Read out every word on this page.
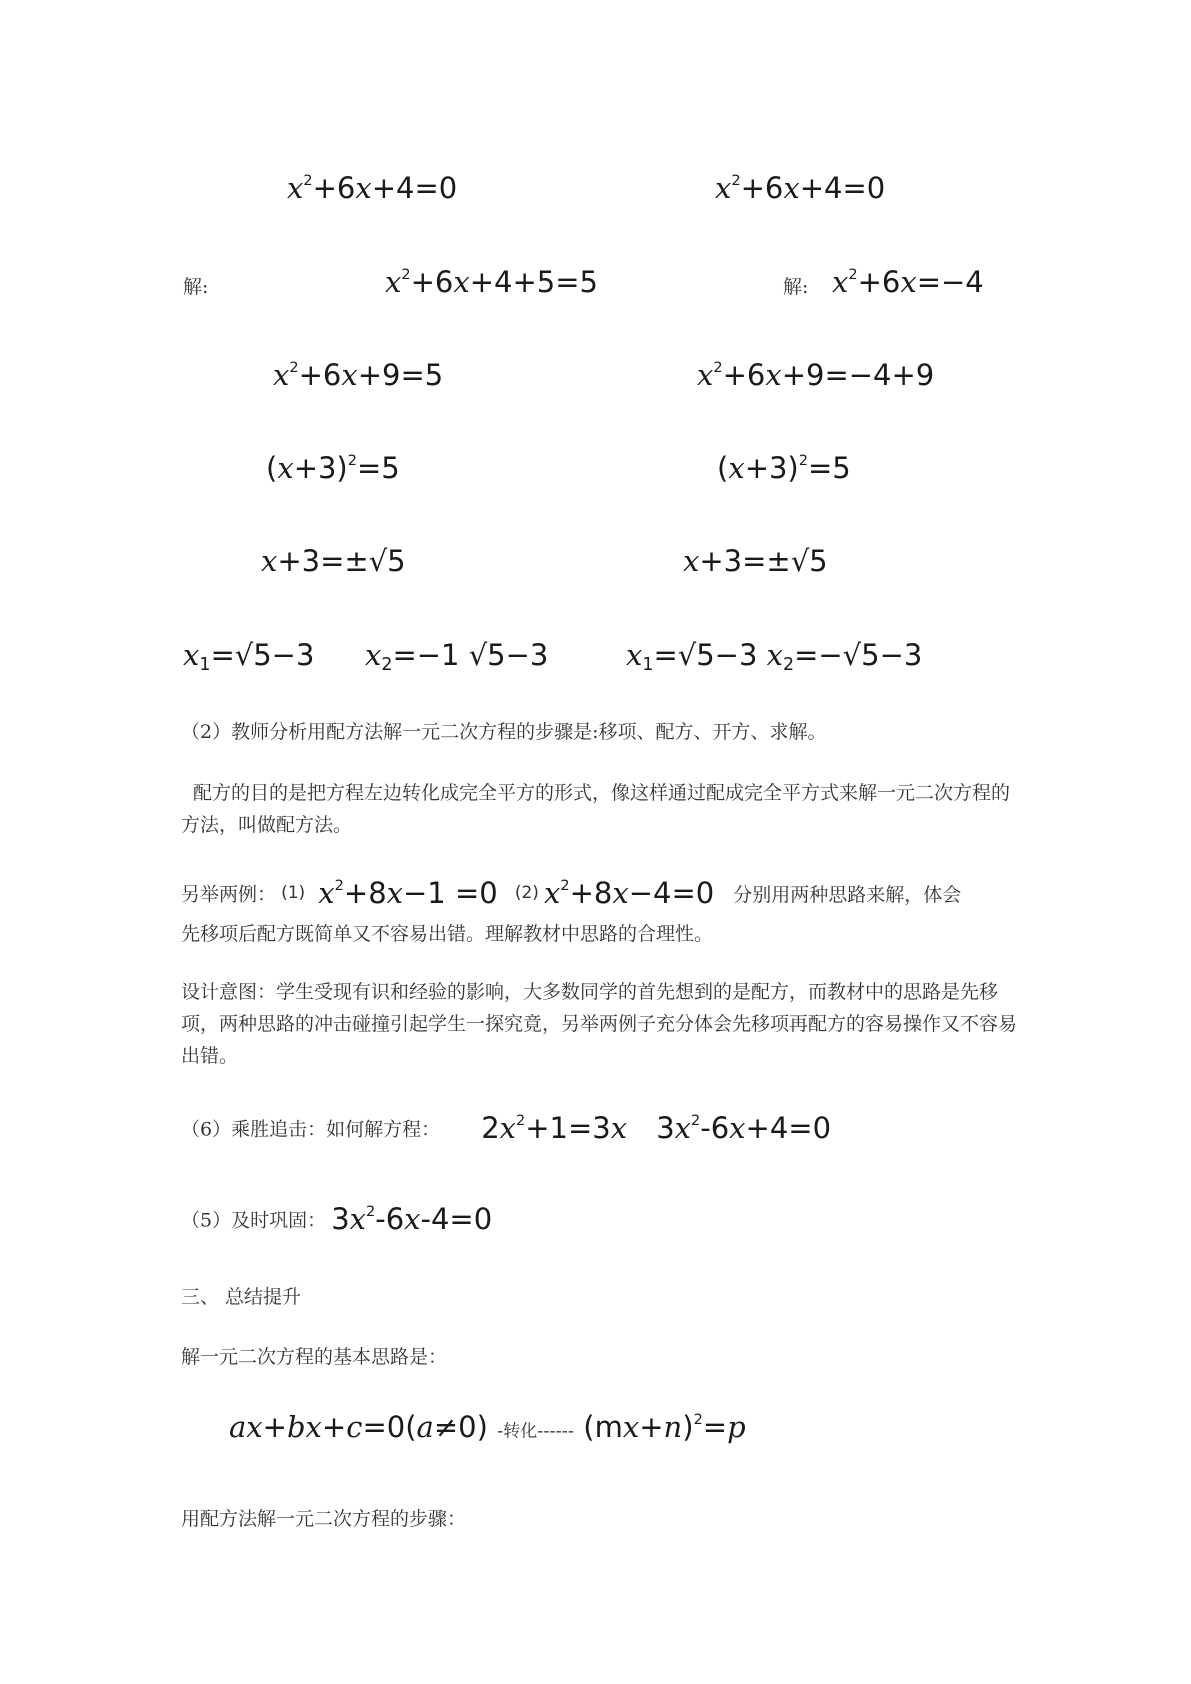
$x^2+6x+4=0$
解:	$x^2+6x+4+5=5$
$x^2+6x+9=5$
$(x+3)^2=5$
x+3=±√5
$x_1=√5-3$ $x_2=-1$ √5−3
$x^2+6x+4=0$
解: $x^2+6x=-4$
$x^2+6x+9=-4+9$
$(x+3)^2=5$
x+3=±√5
$x_1=√5-3$ $x_2=-√5-3$
（2）教师分析用配方法解一元二次方程的步骤是:移项、配方、开方、求解。
配方的目的是把方程左边转化成完全平方的形式，像这样通过配成完全平方式来解一元二次方程的方法，叫做配方法。
另举两例： (1) $x^2+8x-1 =0$ (2) $x^2+8x-4=0$ 分别用两种思路来解，体会
先移项后配方既简单又不容易出错。理解教材中思路的合理性。
设计意图：学生受现有识和经验的影响，大多数同学的首先想到的是配方，而教材中的思路是先移项，两种思路的冲击碰撞引起学生一探究竟，另举两例子充分体会先移项再配方的容易操作又不容易出错。
（6）乘胜追击：如何解方程： $2x^2+1=3x$ $3x^2-6x+4=0$
（5）及时巩固： $3x^2-6x-4=0$
三、 总结提升
解一元二次方程的基本思路是：
ax+bx+c=0(a≠0) -转化------ $(mx+n)^2=p$
用配方法解一元二次方程的步骤：
